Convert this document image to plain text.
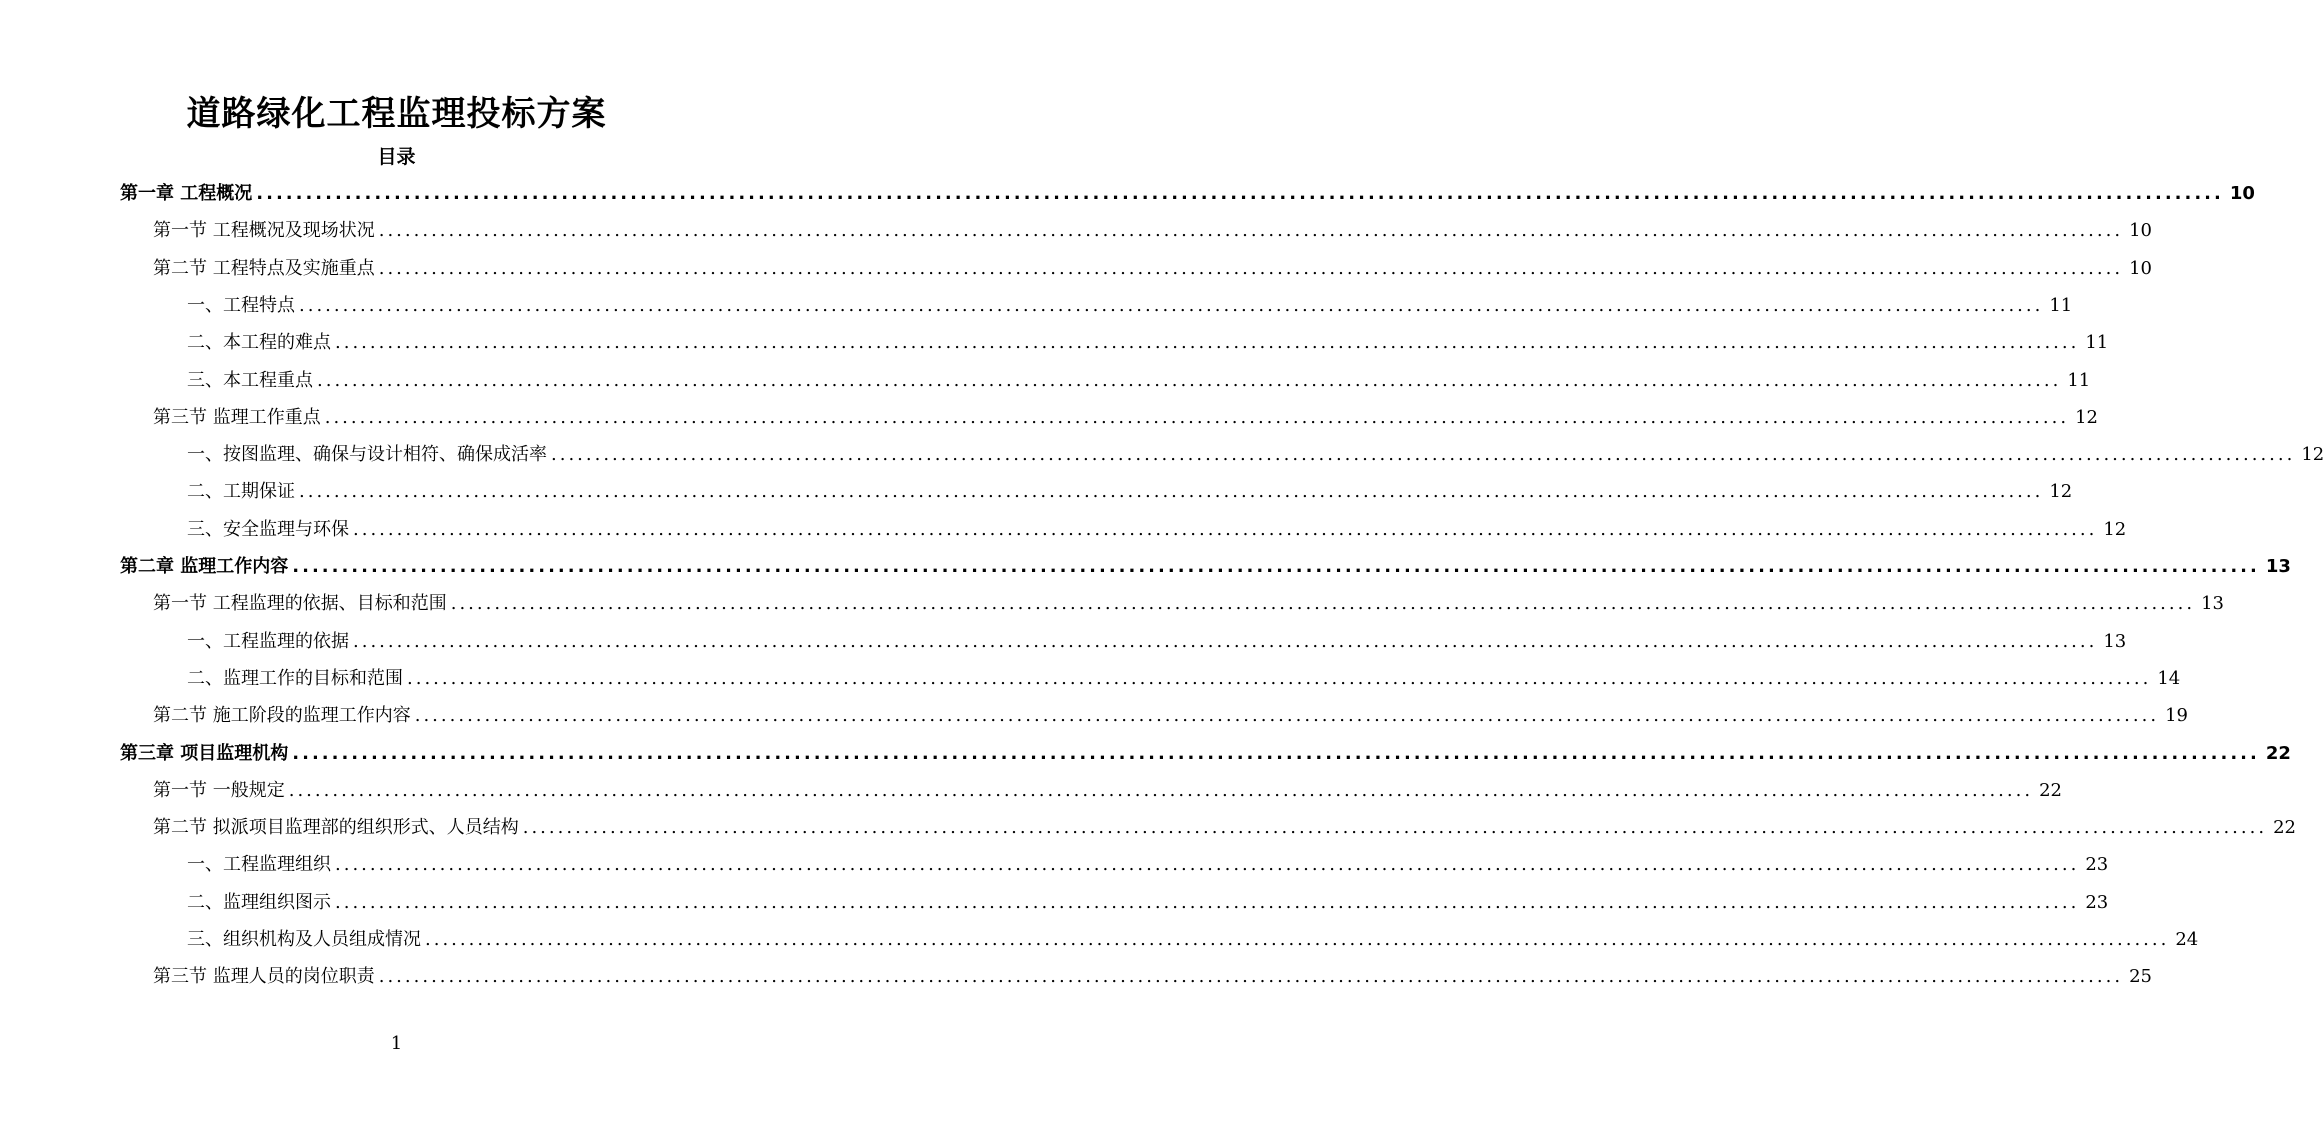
道路绿化工程监理投标方案
目录
第一章 工程概况 ........................................................................................................................................................................................................ 10
第一节 工程概况及现场状况 ........................................................................................................................................................................................................ 10
第二节 工程特点及实施重点 ........................................................................................................................................................................................................ 10
一、工程特点 ........................................................................................................................................................................................................ 11
二、本工程的难点 ........................................................................................................................................................................................................ 11
三、本工程重点 ........................................................................................................................................................................................................ 11
第三节 监理工作重点 ........................................................................................................................................................................................................ 12
一、按图监理、确保与设计相符、确保成活率 ........................................................................................................................................................................................................ 12
二、工期保证 ........................................................................................................................................................................................................ 12
三、安全监理与环保 ........................................................................................................................................................................................................ 12
第二章 监理工作内容 ........................................................................................................................................................................................................ 13
第一节 工程监理的依据、目标和范围 ........................................................................................................................................................................................................ 13
一、工程监理的依据 ........................................................................................................................................................................................................ 13
二、监理工作的目标和范围 ........................................................................................................................................................................................................ 14
第二节 施工阶段的监理工作内容 ........................................................................................................................................................................................................ 19
第三章 项目监理机构 ........................................................................................................................................................................................................ 22
第一节 一般规定 ........................................................................................................................................................................................................ 22
第二节 拟派项目监理部的组织形式、人员结构 ........................................................................................................................................................................................................ 22
一、工程监理组织 ........................................................................................................................................................................................................ 23
二、监理组织图示 ........................................................................................................................................................................................................ 23
三、组织机构及人员组成情况 ........................................................................................................................................................................................................ 24
第三节 监理人员的岗位职责 ........................................................................................................................................................................................................ 25
1
